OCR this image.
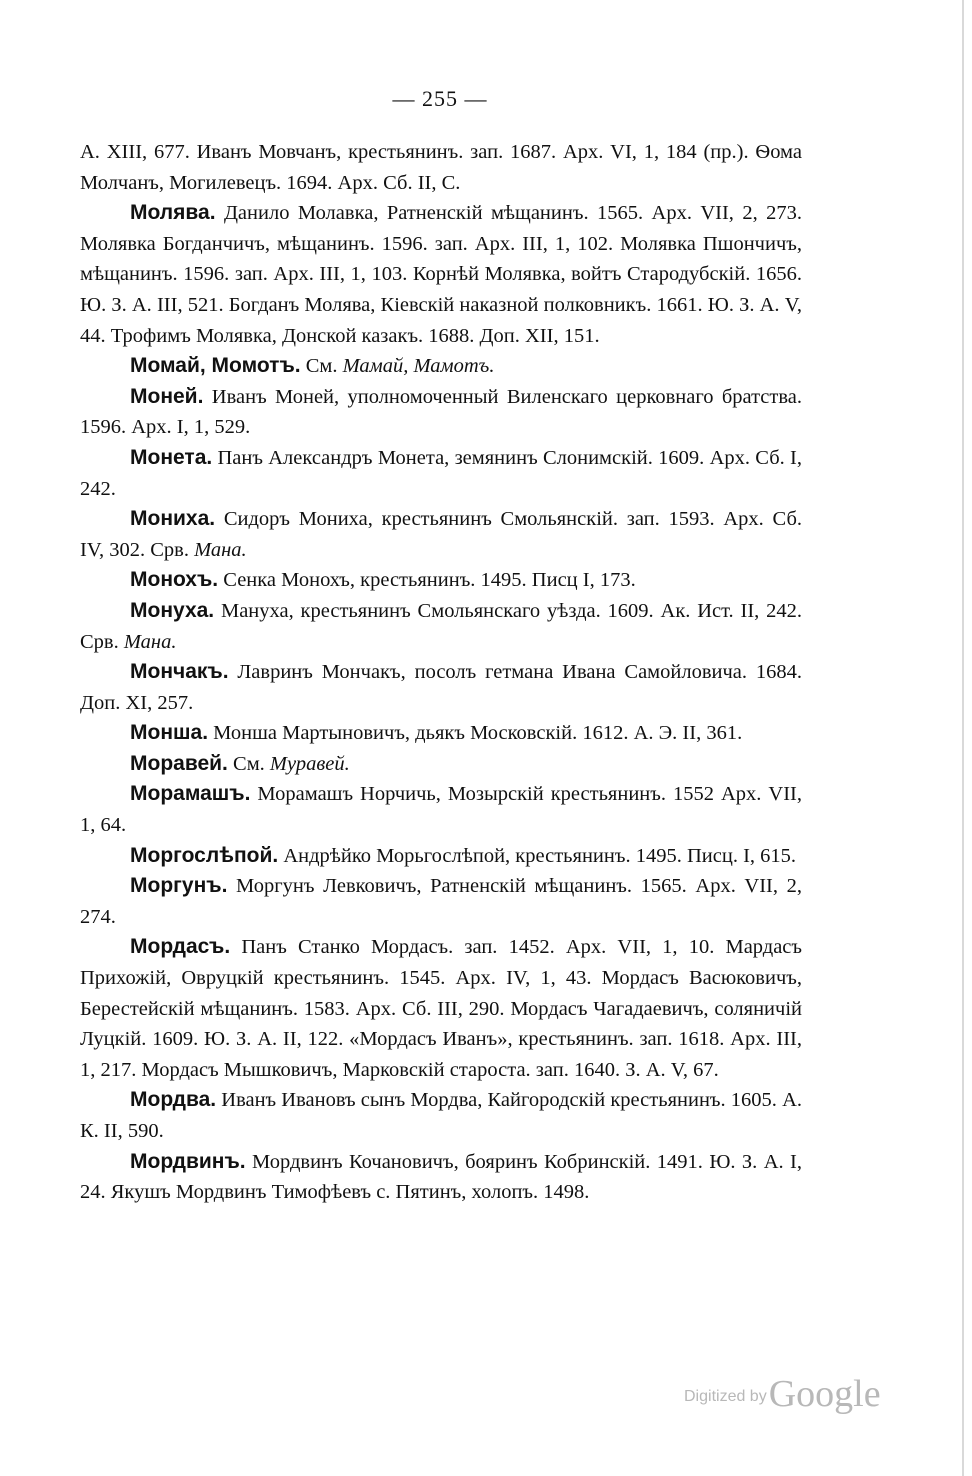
— 255 —

А. XIII, 677. Иванъ Мовчанъ, крестьянинъ. зап. 1687. Арх. VI, 1, 184 (пр.). Ѳома Молчанъ, Могилевецъ. 1694. Арх. Сб. II, С.

Молява. Данило Молавка, Ратненскій мѣщанинъ. 1565. Арх. VII, 2, 273. Молявка Богданчичъ, мѣщанинъ. 1596. зап. Арх. III, 1, 102. Молявка Пшончичъ, мѣщанинъ. 1596. зап. Арх. III, 1, 103. Корнѣй Молявка, войтъ Стародубскій. 1656. Ю. З. А. III, 521. Богданъ Молява, Кіевскій наказной полковникъ. 1661. Ю. З. А. V, 44. Трофимъ Молявка, Донской казакъ. 1688. Доп. XII, 151.

Момай, Момотъ. См. Мамай, Мамотъ.

Моней. Иванъ Моней, уполномоченный Виленскаго церковнаго братства. 1596. Арх. I, 1, 529.

Монета. Панъ Александръ Монета, земянинъ Слонимскій. 1609. Арх. Сб. I, 242.

Мониха. Сидоръ Мониха, крестьянинъ Смольянскій. зап. 1593. Арх. Сб. IV, 302. Срв. Мана.

Монохъ. Сенка Монохъ, крестьянинъ. 1495. Писц I, 173.

Монуха. Мануха, крестьянинъ Смольянскаго уѣзда. 1609. Ак. Ист. II, 242. Срв. Мана.

Мончакъ. Лавринъ Мончакъ, посолъ гетмана Ивана Самойловича. 1684. Доп. XI, 257.

Монша. Монша Мартыновичъ, дьякъ Московскій. 1612. А. Э. II, 361.

Моравей. См. Муравей.

Морамашъ. Морамашъ Норчичь, Мозырскій крестьянинъ. 1552 Арх. VII, 1, 64.

Моргослѣпой. Андрѣйко Морьгослѣпой, крестьянинъ. 1495. Писц. I, 615.

Моргунъ. Моргунъ Левковичъ, Ратненскій мѣщанинъ. 1565. Арх. VII, 2, 274.

Мордасъ. Панъ Станко Мордасъ. зап. 1452. Арх. VII, 1, 10. Мардасъ Прихожій, Овруцкій крестьянинъ. 1545. Арх. IV, 1, 43. Мордасъ Васюковичъ, Берестейскій мѣщанинъ. 1583. Арх. Сб. III, 290. Мордасъ Чагадаевичъ, соляничій Луцкій. 1609. Ю. З. А. II, 122. «Мордасъ Иванъ», крестьянинъ. зап. 1618. Арх. III, 1, 217. Мордасъ Мышковичъ, Марковскій староста. зап. 1640. З. А. V, 67.

Мордва. Иванъ Ивановъ сынъ Мордва, Кайгородскій крестьянинъ. 1605. А. К. II, 590.

Мордвинъ. Мордвинъ Кочановичъ, бояринъ Кобринскій. 1491. Ю. З. А. I, 24. Якушъ Мордвинъ Тимофѣевъ с. Пятинъ, холопъ. 1498.

Digitized byGoogle
